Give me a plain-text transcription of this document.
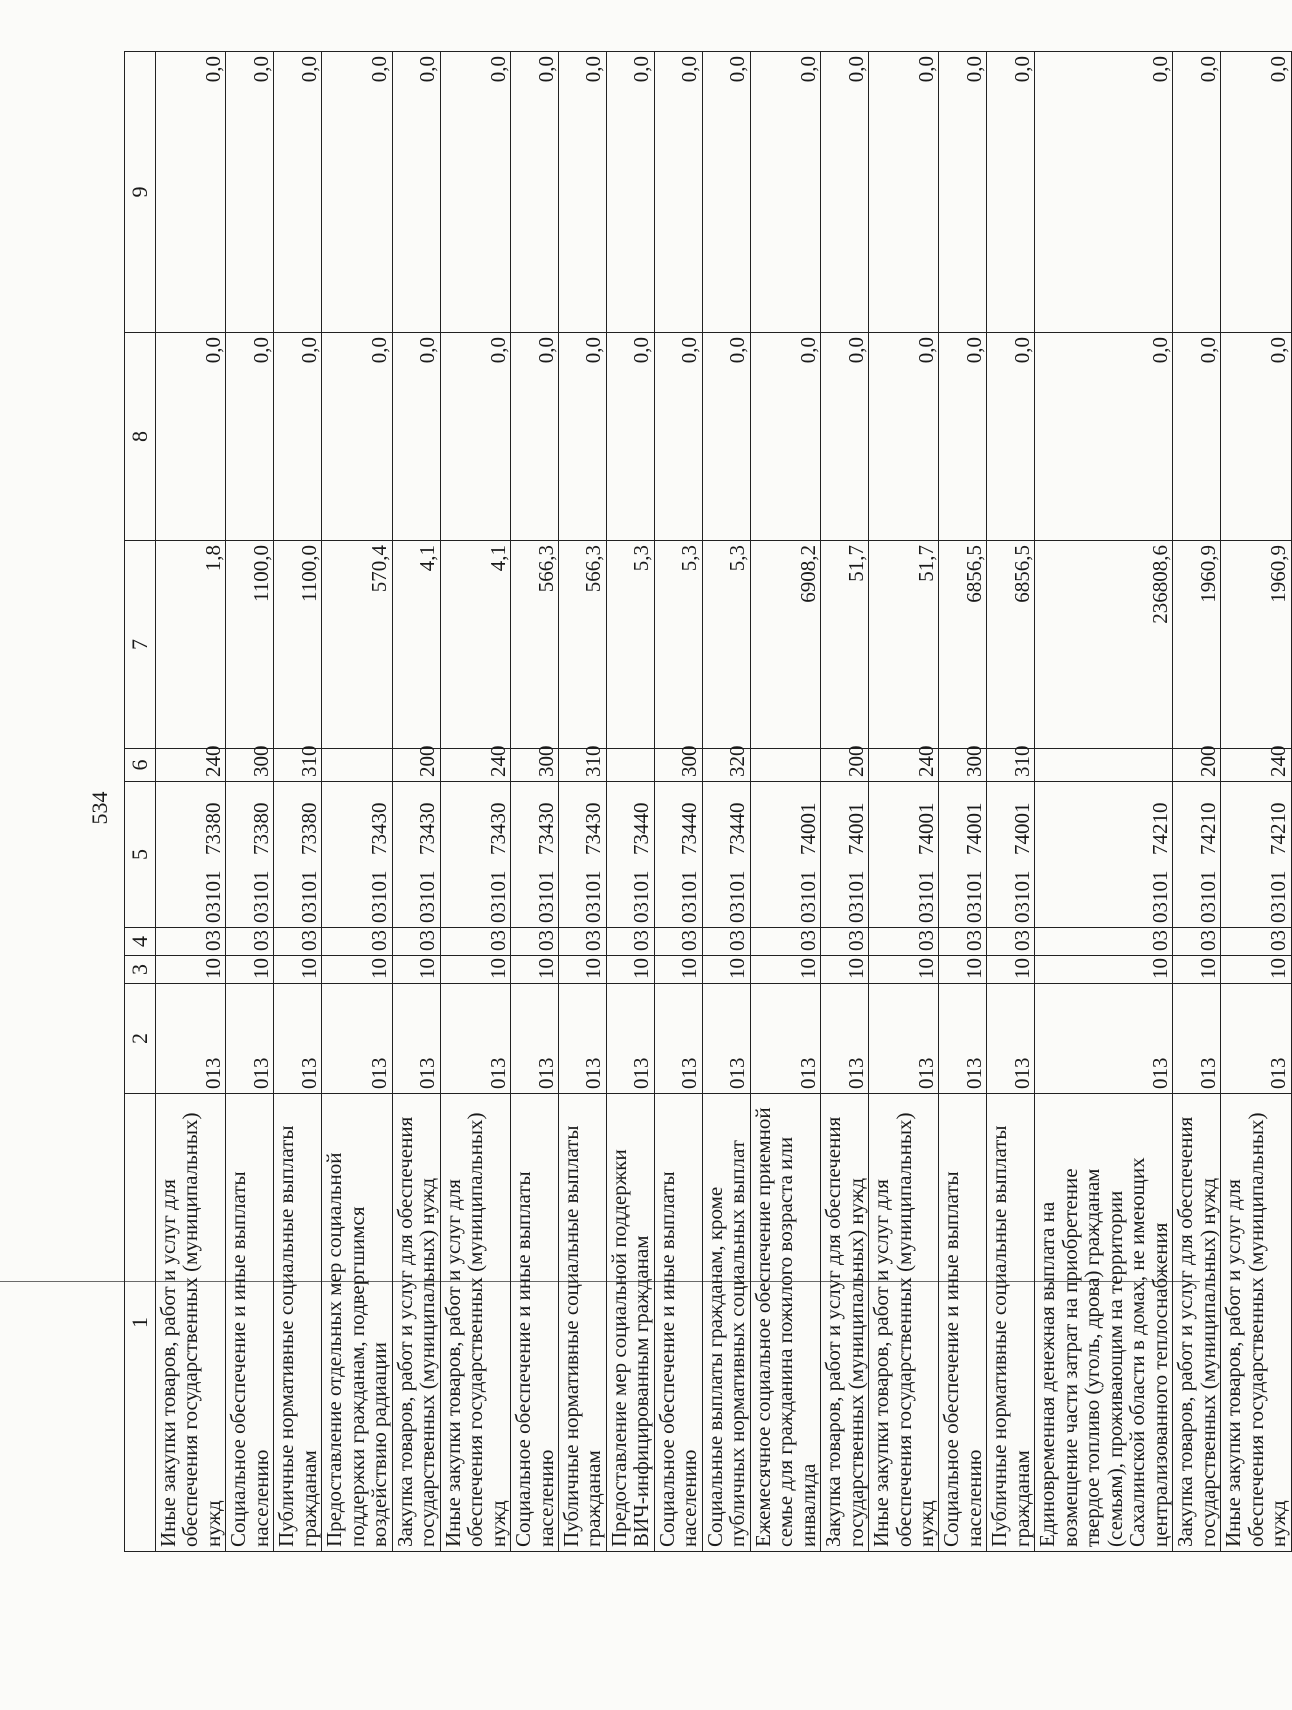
534
1	2	3	4	5	6	7	8	9
Иные закупки товаров, работ и услуг для обеспечения государственных (муниципальных) нужд	013	10	03	0310173380	240	1,8	0,0	0,0
Социальное обеспечение и иные выплаты населению	013	10	03	0310173380	300	1100,0	0,0	0,0
Публичные нормативные социальные выплаты гражданам	013	10	03	0310173380	310	1100,0	0,0	0,0
Предоставление отдельных мер социальной поддержки гражданам, подвергшимся воздействию радиации	013	10	03	0310173430		570,4	0,0	0,0
Закупка товаров, работ и услуг для обеспечения государственных (муниципальных) нужд	013	10	03	0310173430	200	4,1	0,0	0,0
Иные закупки товаров, работ и услуг для обеспечения государственных (муниципальных) нужд	013	10	03	0310173430	240	4,1	0,0	0,0
Социальное обеспечение и иные выплаты населению	013	10	03	0310173430	300	566,3	0,0	0,0
Публичные нормативные социальные выплаты гражданам	013	10	03	0310173430	310	566,3	0,0	0,0
Предоставление мер социальной поддержки ВИЧ-инфицированным гражданам	013	10	03	0310173440		5,3	0,0	0,0
Социальное обеспечение и иные выплаты населению	013	10	03	0310173440	300	5,3	0,0	0,0
Социальные выплаты гражданам, кроме публичных нормативных социальных выплат	013	10	03	0310173440	320	5,3	0,0	0,0
Ежемесячное социальное обеспечение приемной семье для гражданина пожилого возраста или инвалида	013	10	03	0310174001		6908,2	0,0	0,0
Закупка товаров, работ и услуг для обеспечения государственных (муниципальных) нужд	013	10	03	0310174001	200	51,7	0,0	0,0
Иные закупки товаров, работ и услуг для обеспечения государственных (муниципальных) нужд	013	10	03	0310174001	240	51,7	0,0	0,0
Социальное обеспечение и иные выплаты населению	013	10	03	0310174001	300	6856,5	0,0	0,0
Публичные нормативные социальные выплаты гражданам	013	10	03	0310174001	310	6856,5	0,0	0,0
Единовременная денежная выплата на возмещение части затрат на приобретение твердое топливо (уголь, дрова) гражданам (семьям), проживающим на территории Сахалинской области в домах, не имеющих централизованного теплоснабжения	013	10	03	0310174210		236808,6	0,0	0,0
Закупка товаров, работ и услуг для обеспечения государственных (муниципальных) нужд	013	10	03	0310174210	200	1960,9	0,0	0,0
Иные закупки товаров, работ и услуг для обеспечения государственных (муниципальных) нужд	013	10	03	0310174210	240	1960,9	0,0	0,0
